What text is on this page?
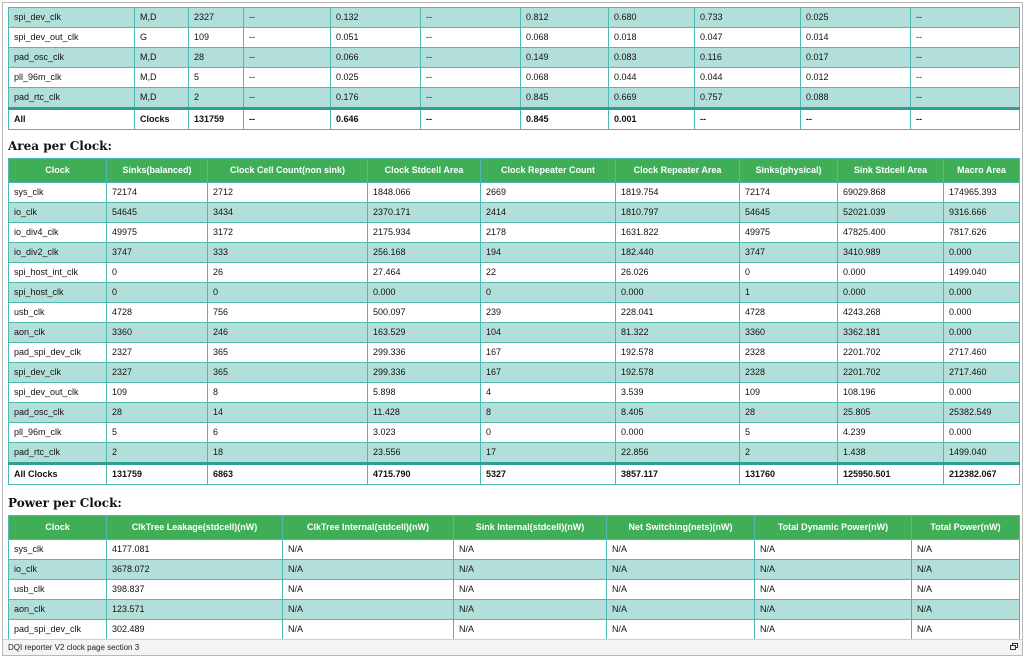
spi_dev_clk	M,D	2327	--	0.132	--	0.812	0.680	0.733	0.025	--
spi_dev_out_clk	G	109	--	0.051	--	0.068	0.018	0.047	0.014	--
pad_osc_clk	M,D	28	--	0.066	--	0.149	0.083	0.116	0.017	--
pll_96m_clk	M,D	5	--	0.025	--	0.068	0.044	0.044	0.012	--
pad_rtc_clk	M,D	2	--	0.176	--	0.845	0.669	0.757	0.088	--
All	Clocks	131759	--	0.646	--	0.845	0.001	--	--	--
Area per Clock:
Clock	Sinks(balanced)	Clock Cell Count(non sink)	Clock Stdcell Area	Clock Repeater Count	Clock Repeater Area	Sinks(physical)	Sink Stdcell Area	Macro Area
sys_clk	72174	2712	1848.066	2669	1819.754	72174	69029.868	174965.393
io_clk	54645	3434	2370.171	2414	1810.797	54645	52021.039	9316.666
io_div4_clk	49975	3172	2175.934	2178	1631.822	49975	47825.400	7817.626
io_div2_clk	3747	333	256.168	194	182.440	3747	3410.989	0.000
spi_host_int_clk	0	26	27.464	22	26.026	0	0.000	1499.040
spi_host_clk	0	0	0.000	0	0.000	1	0.000	0.000
usb_clk	4728	756	500.097	239	228.041	4728	4243.268	0.000
aon_clk	3360	246	163.529	104	81.322	3360	3362.181	0.000
pad_spi_dev_clk	2327	365	299.336	167	192.578	2328	2201.702	2717.460
spi_dev_clk	2327	365	299.336	167	192.578	2328	2201.702	2717.460
spi_dev_out_clk	109	8	5.898	4	3.539	109	108.196	0.000
pad_osc_clk	28	14	11.428	8	8.405	28	25.805	25382.549
pll_96m_clk	5	6	3.023	0	0.000	5	4.239	0.000
pad_rtc_clk	2	18	23.556	17	22.856	2	1.438	1499.040
All Clocks	131759	6863	4715.790	5327	3857.117	131760	125950.501	212382.067
Power per Clock:
Clock	ClkTree Leakage(stdcell)(nW)	ClkTree Internal(stdcell)(nW)	Sink Internal(stdcell)(nW)	Net Switching(nets)(nW)	Total Dynamic Power(nW)	Total Power(nW)
sys_clk	4177.081	N/A	N/A	N/A	N/A	N/A
io_clk	3678.072	N/A	N/A	N/A	N/A	N/A
usb_clk	398.837	N/A	N/A	N/A	N/A	N/A
aon_clk	123.571	N/A	N/A	N/A	N/A	N/A
pad_spi_dev_clk	302.489	N/A	N/A	N/A	N/A	N/A
DQI reporter V2 clock page section 3
